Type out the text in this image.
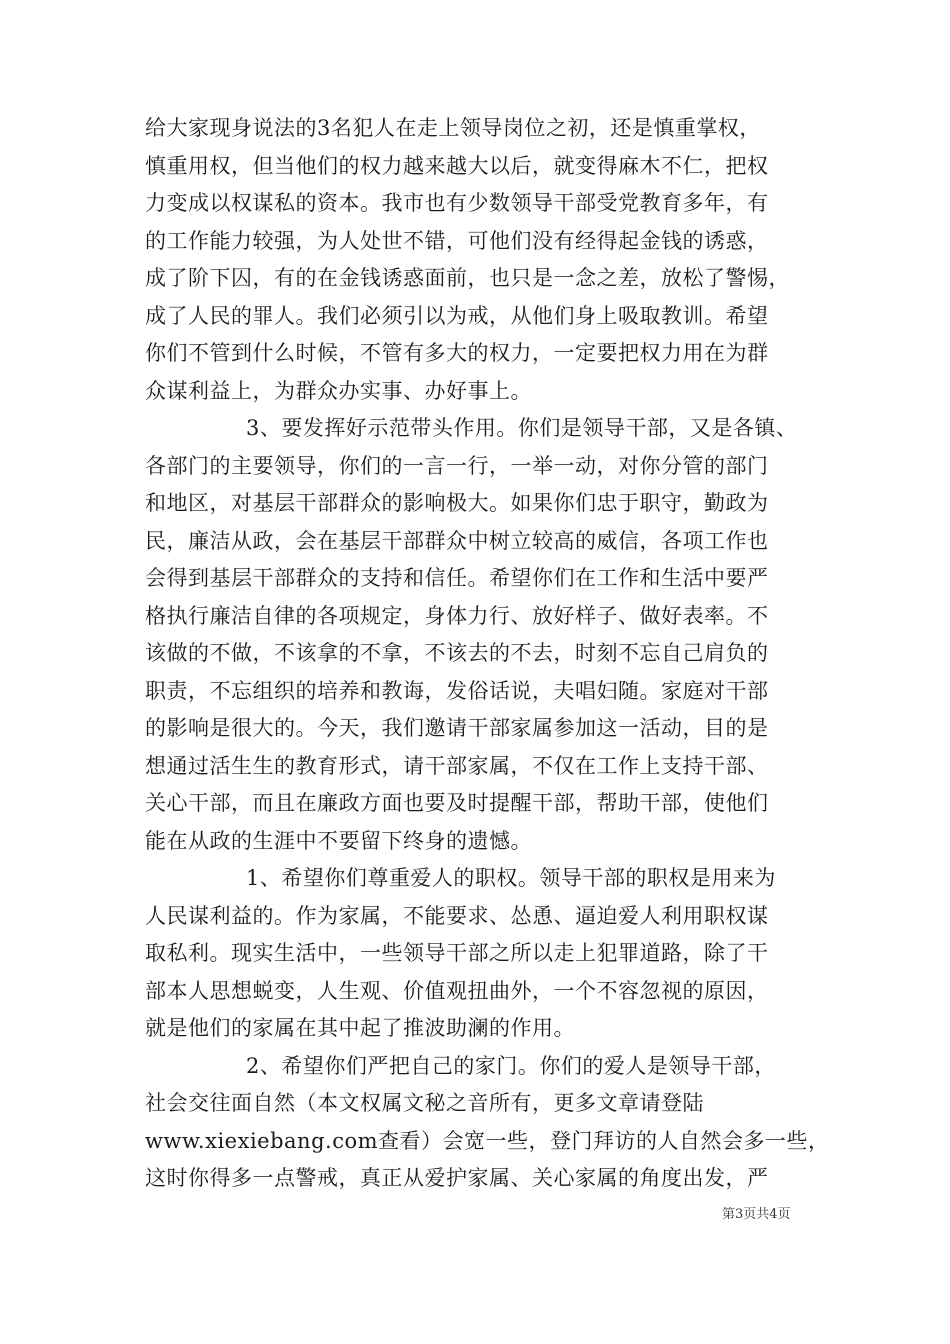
给大家现身说法的3名犯人在走上领导岗位之初，还是慎重掌权，
慎重用权，但当他们的权力越来越大以后，就变得麻木不仁，把权
力变成以权谋私的资本。我市也有少数领导干部受党教育多年，有
的工作能力较强，为人处世不错，可他们没有经得起金钱的诱惑，
成了阶下囚，有的在金钱诱惑面前，也只是一念之差，放松了警惕，
成了人民的罪人。我们必须引以为戒，从他们身上吸取教训。希望
你们不管到什么时候，不管有多大的权力，一定要把权力用在为群
众谋利益上，为群众办实事、办好事上。
3、要发挥好示范带头作用。你们是领导干部，又是各镇、
各部门的主要领导，你们的一言一行，一举一动，对你分管的部门
和地区，对基层干部群众的影响极大。如果你们忠于职守，勤政为
民，廉洁从政，会在基层干部群众中树立较高的威信，各项工作也
会得到基层干部群众的支持和信任。希望你们在工作和生活中要严
格执行廉洁自律的各项规定，身体力行、放好样子、做好表率。不
该做的不做，不该拿的不拿，不该去的不去，时刻不忘自己肩负的
职责，不忘组织的培养和教诲，发俗话说，夫唱妇随。家庭对干部
的影响是很大的。今天，我们邀请干部家属参加这一活动，目的是
想通过活生生的教育形式，请干部家属，不仅在工作上支持干部、
关心干部，而且在廉政方面也要及时提醒干部，帮助干部，使他们
能在从政的生涯中不要留下终身的遗憾。
1、希望你们尊重爱人的职权。领导干部的职权是用来为
人民谋利益的。作为家属，不能要求、怂恿、逼迫爱人利用职权谋
取私利。现实生活中，一些领导干部之所以走上犯罪道路，除了干
部本人思想蜕变，人生观、价值观扭曲外，一个不容忽视的原因，
就是他们的家属在其中起了推波助澜的作用。
2、希望你们严把自己的家门。你们的爱人是领导干部，
社会交往面自然（本文权属文秘之音所有，更多文章请登陆
www.xiexiebang.com查看）会宽一些，登门拜访的人自然会多一些，
这时你得多一点警戒，真正从爱护家属、关心家属的角度出发，严
第3页共4页
